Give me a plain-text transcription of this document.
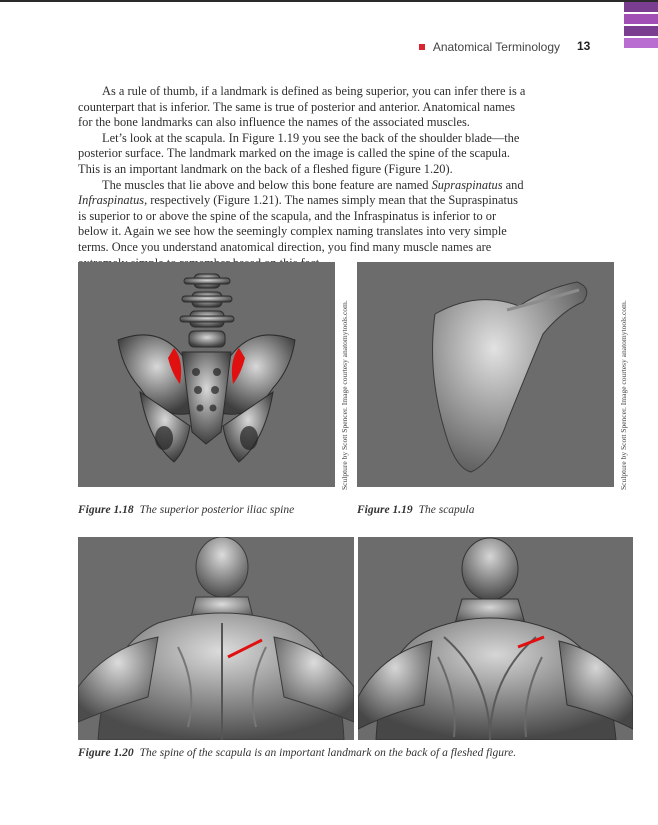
Anatomical Terminology 13

As a rule of thumb, if a landmark is defined as being superior, you can infer there is a counterpart that is inferior. The same is true of posterior and anterior. Anatomical names for the bone landmarks can also influence the names of the associated muscles.

Let’s look at the scapula. In Figure 1.19 you see the back of the shoulder blade—the posterior surface. The landmark marked on the image is called the spine of the scapula. This is an important landmark on the back of a fleshed figure (Figure 1.20).

The muscles that lie above and below this bone feature are named Supraspinatus and Infraspinatus, respectively (Figure 1.21). The names simply mean that the Supraspinatus is superior to or above the spine of the scapula, and the Infraspinatus is inferior to or below it. Again we see how the seemingly complex naming translates into very simple terms. Once you understand anatomical direction, you find many muscle names are

Sculpture by Scott Spencer. Image courtesy anatomytools.com.
Figure 1.18 The superior posterior iliac spine
Sculpture by Scott Spencer. Image courtesy anatomytools.com.
Figure 1.19 The scapula
Figure 1.20 The spine of the scapula is an important landmark on the back of a fleshed figure.
